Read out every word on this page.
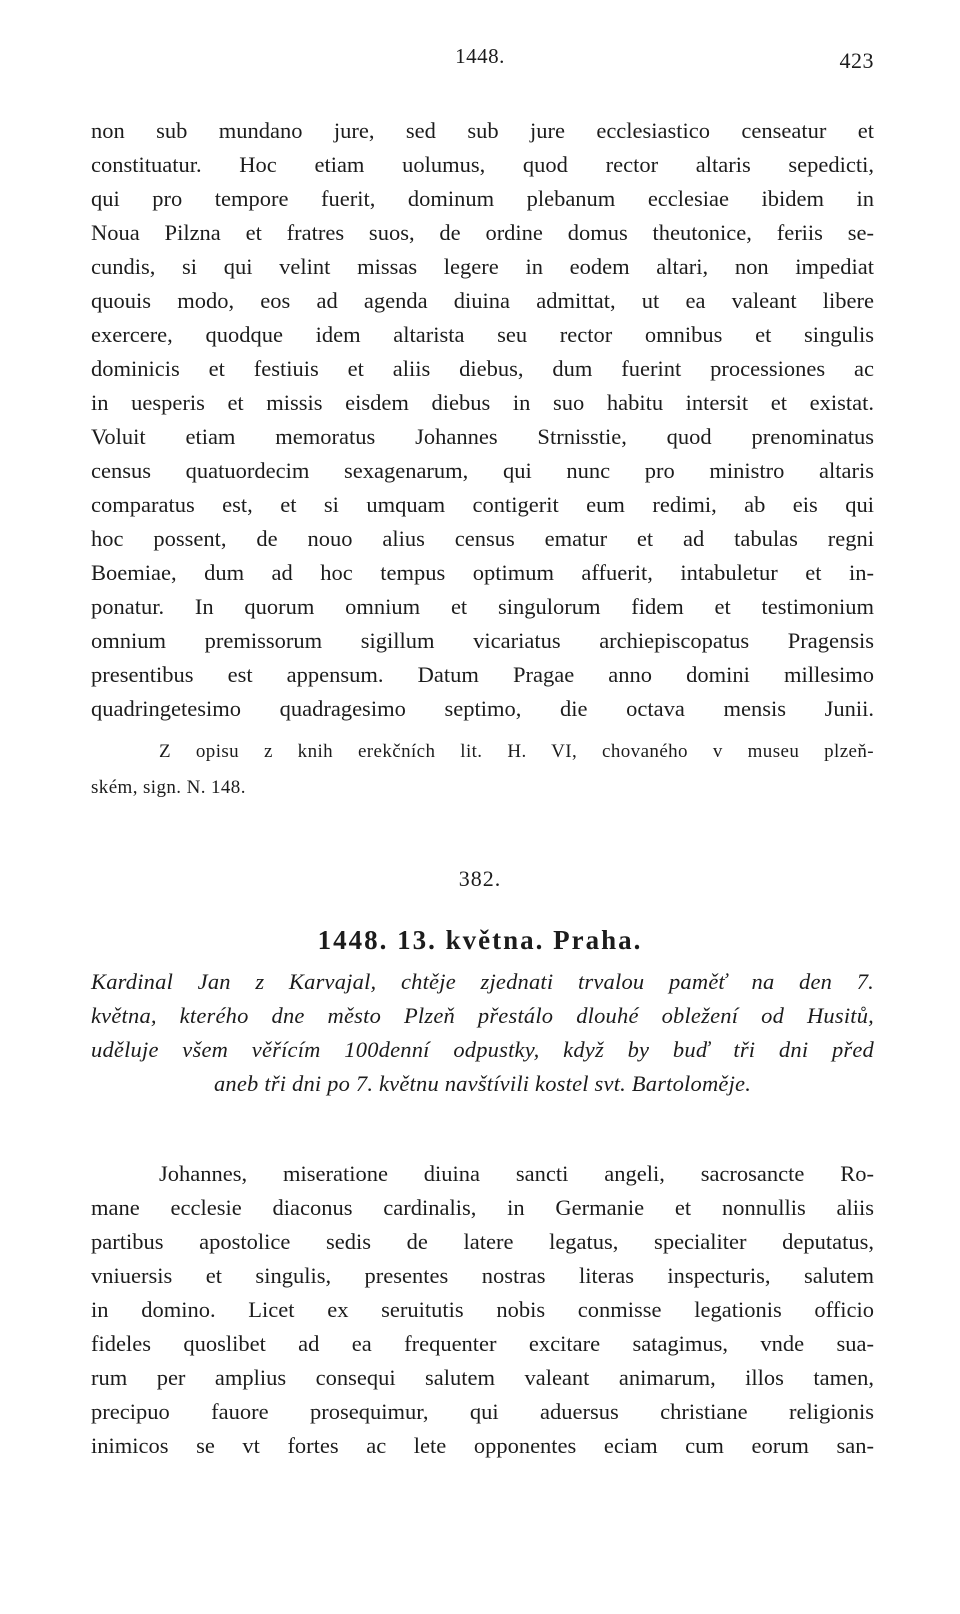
1448.	423
non sub mundano jure, sed sub jure ecclesiastico censeatur et
constituatur. Hoc etiam uolumus, quod rector altaris sepedicti,
qui pro tempore fuerit, dominum plebanum ecclesiae ibidem in
Noua Pilzna et fratres suos, de ordine domus theutonice, feriis se-
cundis, si qui velint missas legere in eodem altari, non impediat
quouis modo, eos ad agenda diuina admittat, ut ea valeant libere
exercere, quodque idem altarista seu rector omnibus et singulis
dominicis et festiuis et aliis diebus, dum fuerint processiones ac
in uesperis et missis eisdem diebus in suo habitu intersit et existat.
Voluit etiam memoratus Johannes Strnisstie, quod prenominatus
census quatuordecim sexagenarum, qui nunc pro ministro altaris
comparatus est, et si umquam contigerit eum redimi, ab eis qui
hoc possent, de nouo alius census ematur et ad tabulas regni
Boemiae, dum ad hoc tempus optimum affuerit, intabuletur et in-
ponatur. In quorum omnium et singulorum fidem et testimonium
omnium premissorum sigillum vicariatus archiepiscopatus Pragensis
presentibus est appensum. Datum Pragae anno domini millesimo
quadringetesimo quadragesimo septimo, die octava mensis Junii.
Z opisu z knih erekčních lit. H. VI, chovaného v museu plzeň-
ském, sign. N. 148.
382.
1448. 13. května. Praha.
Kardinal Jan z Karvajal, chtěje zjednati trvalou paměť na den 7.
května, kterého dne město Plzeň přestálo dlouhé obležení od Husitů,
uděluje všem věřícím 100denní odpustky, když by buď tři dni před
aneb tři dni po 7. květnu navštívili kostel svt. Bartoloměje.
Johannes, miseratione diuina sancti angeli, sacrosancte Ro-
mane ecclesie diaconus cardinalis, in Germanie et nonnullis aliis
partibus apostolice sedis de latere legatus, specialiter deputatus,
vniuersis et singulis, presentes nostras literas inspecturis, salutem
in domino. Licet ex seruitutis nobis conmisse legationis officio
fideles quoslibet ad ea frequenter excitare satagimus, vnde sua-
rum per amplius consequi salutem valeant animarum, illos tamen,
precipuo fauore prosequimur, qui aduersus christiane religionis
inimicos se vt fortes ac lete opponentes eciam cum eorum san-
